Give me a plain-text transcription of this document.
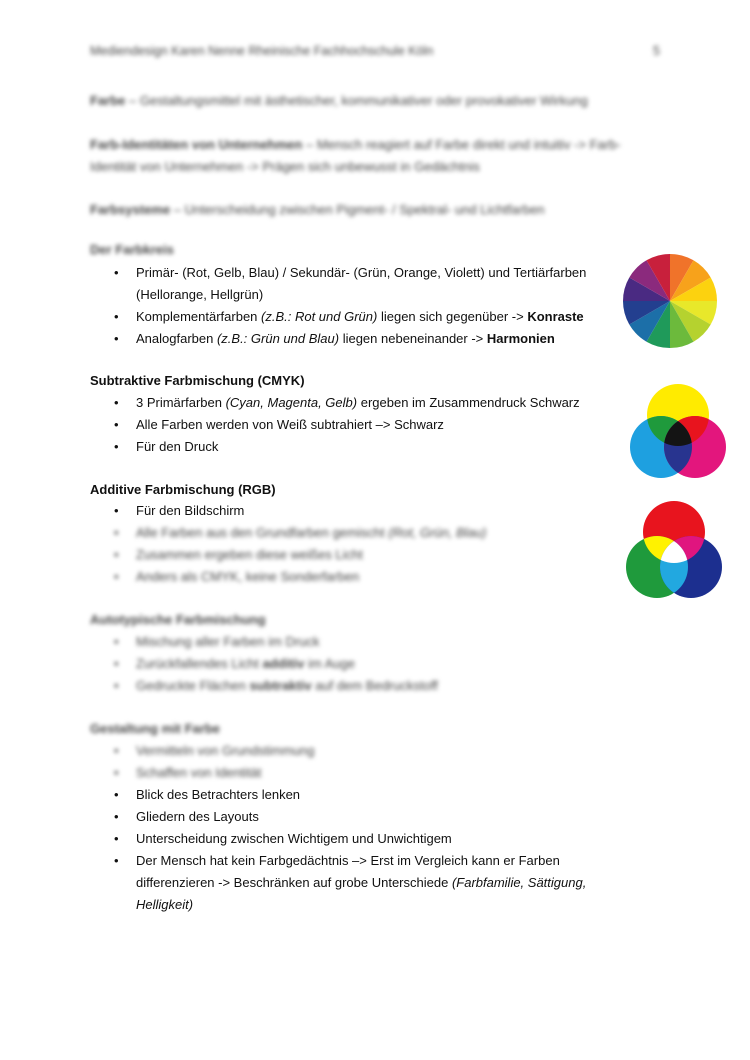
Mediendesign Karen Nenne Rheinische Fachhochschule Köln	5
Farbe – Gestaltungsmittel mit ästhetischer, kommunikativer oder provokativer Wirkung
Farb-Identitäten von Unternehmen – Mensch reagiert auf Farbe direkt und intuitiv -> Farb-Identität von Unternehmen -> Prägen sich unbewusst in Gedächtnis
Farbsysteme – Unterscheidung zwischen Pigment- / Spektral- und Lichtfarben
Der Farbkreis
• Primär- (Rot, Gelb, Blau) / Sekundär- (Grün, Orange, Violett) und Tertiärfarben (Hellorange, Hellgrün)
• Komplementärfarben (z.B.: Rot und Grün) liegen sich gegenüber -> Konraste
• Analogfarben (z.B.: Grün und Blau) liegen nebeneinander -> Harmonien
Subtraktive Farbmischung (CMYK)
• 3 Primärfarben (Cyan, Magenta, Gelb) ergeben im Zusammendruck Schwarz
• Alle Farben werden von Weiß subtrahiert –> Schwarz
• Für den Druck
Additive Farbmischung (RGB)
• Für den Bildschirm
• Alle Farben aus den Grundfarben gemischt (Rot, Grün, Blau)
• Zusammen ergeben diese weißes Licht
• Anders als CMYK, keine Sonderfarben
Autotypische Farbmischung
• Mischung aller Farben im Druck
• Zurückfallendes Licht additiv im Auge
• Gedruckte Flächen subtraktiv auf dem Bedruckstoff
Gestaltung mit Farbe
• Vermitteln von Grundstimmung
• Schaffen von Identität
• Blick des Betrachters lenken
• Gliedern des Layouts
• Unterscheidung zwischen Wichtigem und Unwichtigem
• Der Mensch hat kein Farbgedächtnis –> Erst im Vergleich kann er Farben differenzieren -> Beschränken auf grobe Unterschiede (Farbfamilie, Sättigung, Helligkeit)
